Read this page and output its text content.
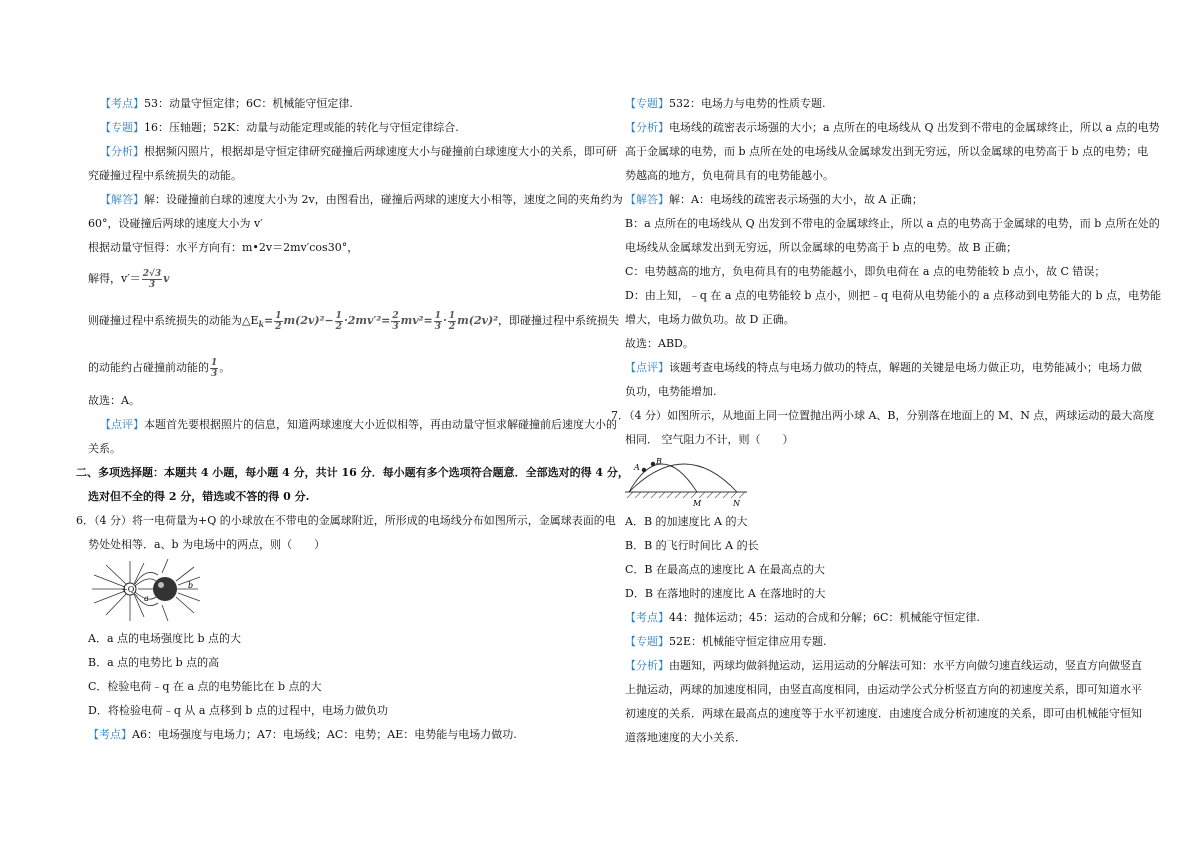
【考点】53：动量守恒定律；6C：机械能守恒定律.
【专题】16：压轴题；52K：动量与动能定理或能的转化与守恒定律综合.
【分析】根据频闪照片，根据却是守恒定律研究碰撞后两球速度大小与碰撞前白球速度大小的关系，即可研
究碰撞过程中系统损失的动能。
【解答】解：设碰撞前白球的速度大小为 2v，由图看出，碰撞后两球的速度大小相等，速度之间的夹角约为
60°，设碰撞后两球的速度大小为 v′
根据动量守恒得：水平方向有：m•2v＝2mv′cos30°，
解得，$v'= \frac{2√3}{3}$ v
则碰撞过程中系统损失的动能为$\triangle E_k= \frac{1}{2} m(2v)^2- \frac{1}{2} \cdot 2mv'^2= \frac{2}{3} mv^2= \frac{1}{3} \cdot \frac{1}{2} m(2v)^2$，即碰撞过程中系统损失
的动能约占碰撞前动能的 $\frac{1}{3}$ 。
故选：A。
【点评】本题首先要根据照片的信息，知道两球速度大小近似相等，再由动量守恒求解碰撞前后速度大小的
关系。
二、多项选择题：本题共 4 小题，每小题 4 分，共计 16 分．每小题有多个选项符合题意．全部选对的得 4 分，
选对但不全的得 2 分，错选或不答的得 0 分.
6．（4 分）将一电荷量为+Q 的小球放在不带电的金属球附近，所形成的电场线分布如图所示，金属球表面的电
势处处相等．a、b 为电场中的两点，则（　　）
+Q
a
b
A．a 点的电场强度比 b 点的大
B．a 点的电势比 b 点的高
C．检验电荷﹣q 在 a 点的电势能比在 b 点的大
D．将检验电荷﹣q 从 a 点移到 b 点的过程中，电场力做负功
【考点】A6：电场强度与电场力；A7：电场线；AC：电势；AE：电势能与电场力做功.
【专题】532：电场力与电势的性质专题.
【分析】电场线的疏密表示场强的大小；a 点所在的电场线从 Q 出发到不带电的金属球终止，所以 a 点的电势
高于金属球的电势，而 b 点所在处的电场线从金属球发出到无穷远，所以金属球的电势高于 b 点的电势；电
势越高的地方，负电荷具有的电势能越小。
【解答】解：A：电场线的疏密表示场强的大小，故 A 正确；
B：a 点所在的电场线从 Q 出发到不带电的金属球终止，所以 a 点的电势高于金属球的电势，而 b 点所在处的
电场线从金属球发出到无穷远，所以金属球的电势高于 b 点的电势。故 B 正确；
C：电势越高的地方，负电荷具有的电势能越小，即负电荷在 a 点的电势能较 b 点小，故 C 错误；
D：由上知，﹣q 在 a 点的电势能较 b 点小，则把﹣q 电荷从电势能小的 a 点移动到电势能大的 b 点，电势能
增大，电场力做负功。故 D 正确。
故选：ABD。
【点评】该题考查电场线的特点与电场力做功的特点，解题的关键是电场力做正功，电势能减小；电场力做
负功，电势能增加.
7．（4 分）如图所示，从地面上同一位置抛出两小球 A、B，分别落在地面上的 M、N 点，两球运动的最大高度
相同． 空气阻力不计，则（　　）
A
B
M	N
A．B 的加速度比 A 的大
B．B 的飞行时间比 A 的长
C．B 在最高点的速度比 A 在最高点的大
D．B 在落地时的速度比 A 在落地时的大
【考点】44：抛体运动；45：运动的合成和分解；6C：机械能守恒定律.
【专题】52E：机械能守恒定律应用专题.
【分析】由题知，两球均做斜抛运动，运用运动的分解法可知：水平方向做匀速直线运动，竖直方向做竖直
上抛运动，两球的加速度相同，由竖直高度相同，由运动学公式分析竖直方向的初速度关系，即可知道水平
初速度的关系．两球在最高点的速度等于水平初速度．由速度合成分析初速度的关系，即可由机械能守恒知
道落地速度的大小关系．
